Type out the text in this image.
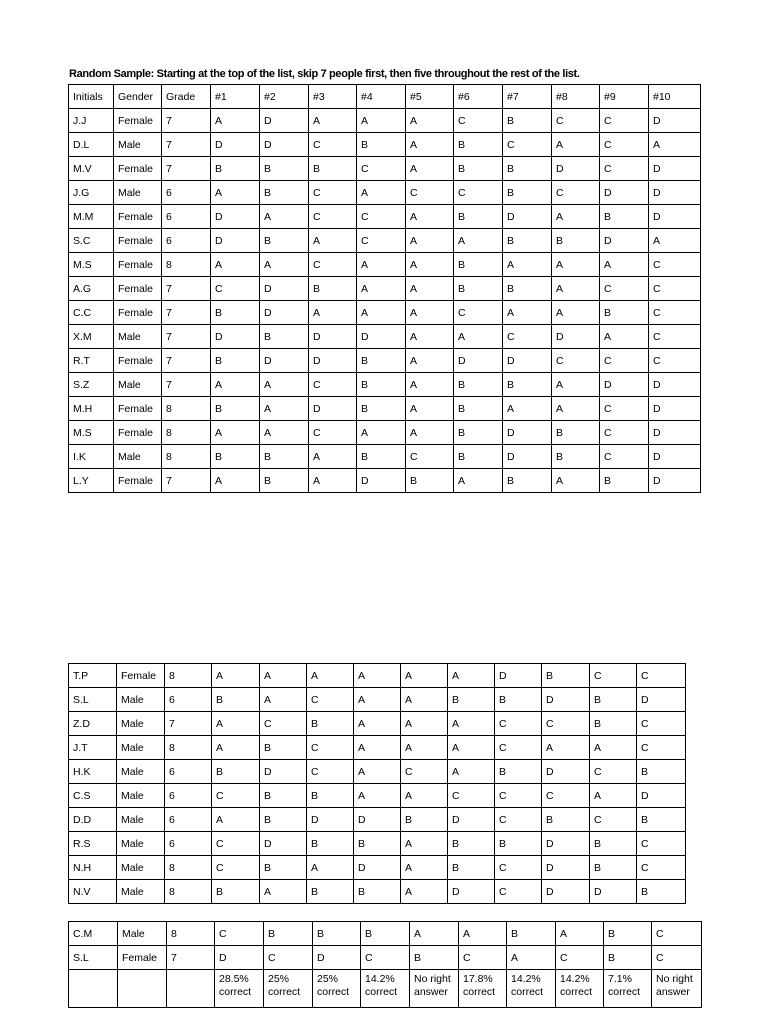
Random Sample: Starting at the top of the list, skip 7 people first, then five throughout the rest of the list.
Initials	Gender	Grade	#1	#2	#3	#4	#5	#6	#7	#8	#9	#10
J.J	Female	7	A	D	A	A	A	C	B	C	C	D
D.L	Male	7	D	D	C	B	A	B	C	A	C	A
M.V	Female	7	B	B	B	C	A	B	B	D	C	D
J.G	Male	6	A	B	C	A	C	C	B	C	D	D
M.M	Female	6	D	A	C	C	A	B	D	A	B	D
S.C	Female	6	D	B	A	C	A	A	B	B	D	A
M.S	Female	8	A	A	C	A	A	B	A	A	A	C
A.G	Female	7	C	D	B	A	A	B	B	A	C	C
C.C	Female	7	B	D	A	A	A	C	A	A	B	C
X.M	Male	7	D	B	D	D	A	A	C	D	A	C
R.T	Female	7	B	D	D	B	A	D	D	C	C	C
S.Z	Male	7	A	A	C	B	A	B	B	A	D	D
M.H	Female	8	B	A	D	B	A	B	A	A	C	D
M.S	Female	8	A	A	C	A	A	B	D	B	C	D
I.K	Male	8	B	B	A	B	C	B	D	B	C	D
L.Y	Female	7	A	B	A	D	B	A	B	A	B	D
T.P	Female	8	A	A	A	A	A	A	D	B	C	C
S.L	Male	6	B	A	C	A	A	B	B	D	B	D
Z.D	Male	7	A	C	B	A	A	A	C	C	B	C
J.T	Male	8	A	B	C	A	A	A	C	A	A	C
H.K	Male	6	B	D	C	A	C	A	B	D	C	B
C.S	Male	6	C	B	B	A	A	C	C	C	A	D
D.D	Male	6	A	B	D	D	B	D	C	B	C	B
R.S	Male	6	C	D	B	B	A	B	B	D	B	C
N.H	Male	8	C	B	A	D	A	B	C	D	B	C
N.V	Male	8	B	A	B	B	A	D	C	D	D	B
C.M	Male	8	C	B	B	B	A	A	B	A	B	C
S.L	Female	7	D	C	D	C	B	C	A	C	B	C
			28.5% correct	25% correct	25% correct	14.2% correct	No right answer	17.8% correct	14.2% correct	14.2% correct	7.1% correct	No right answer
